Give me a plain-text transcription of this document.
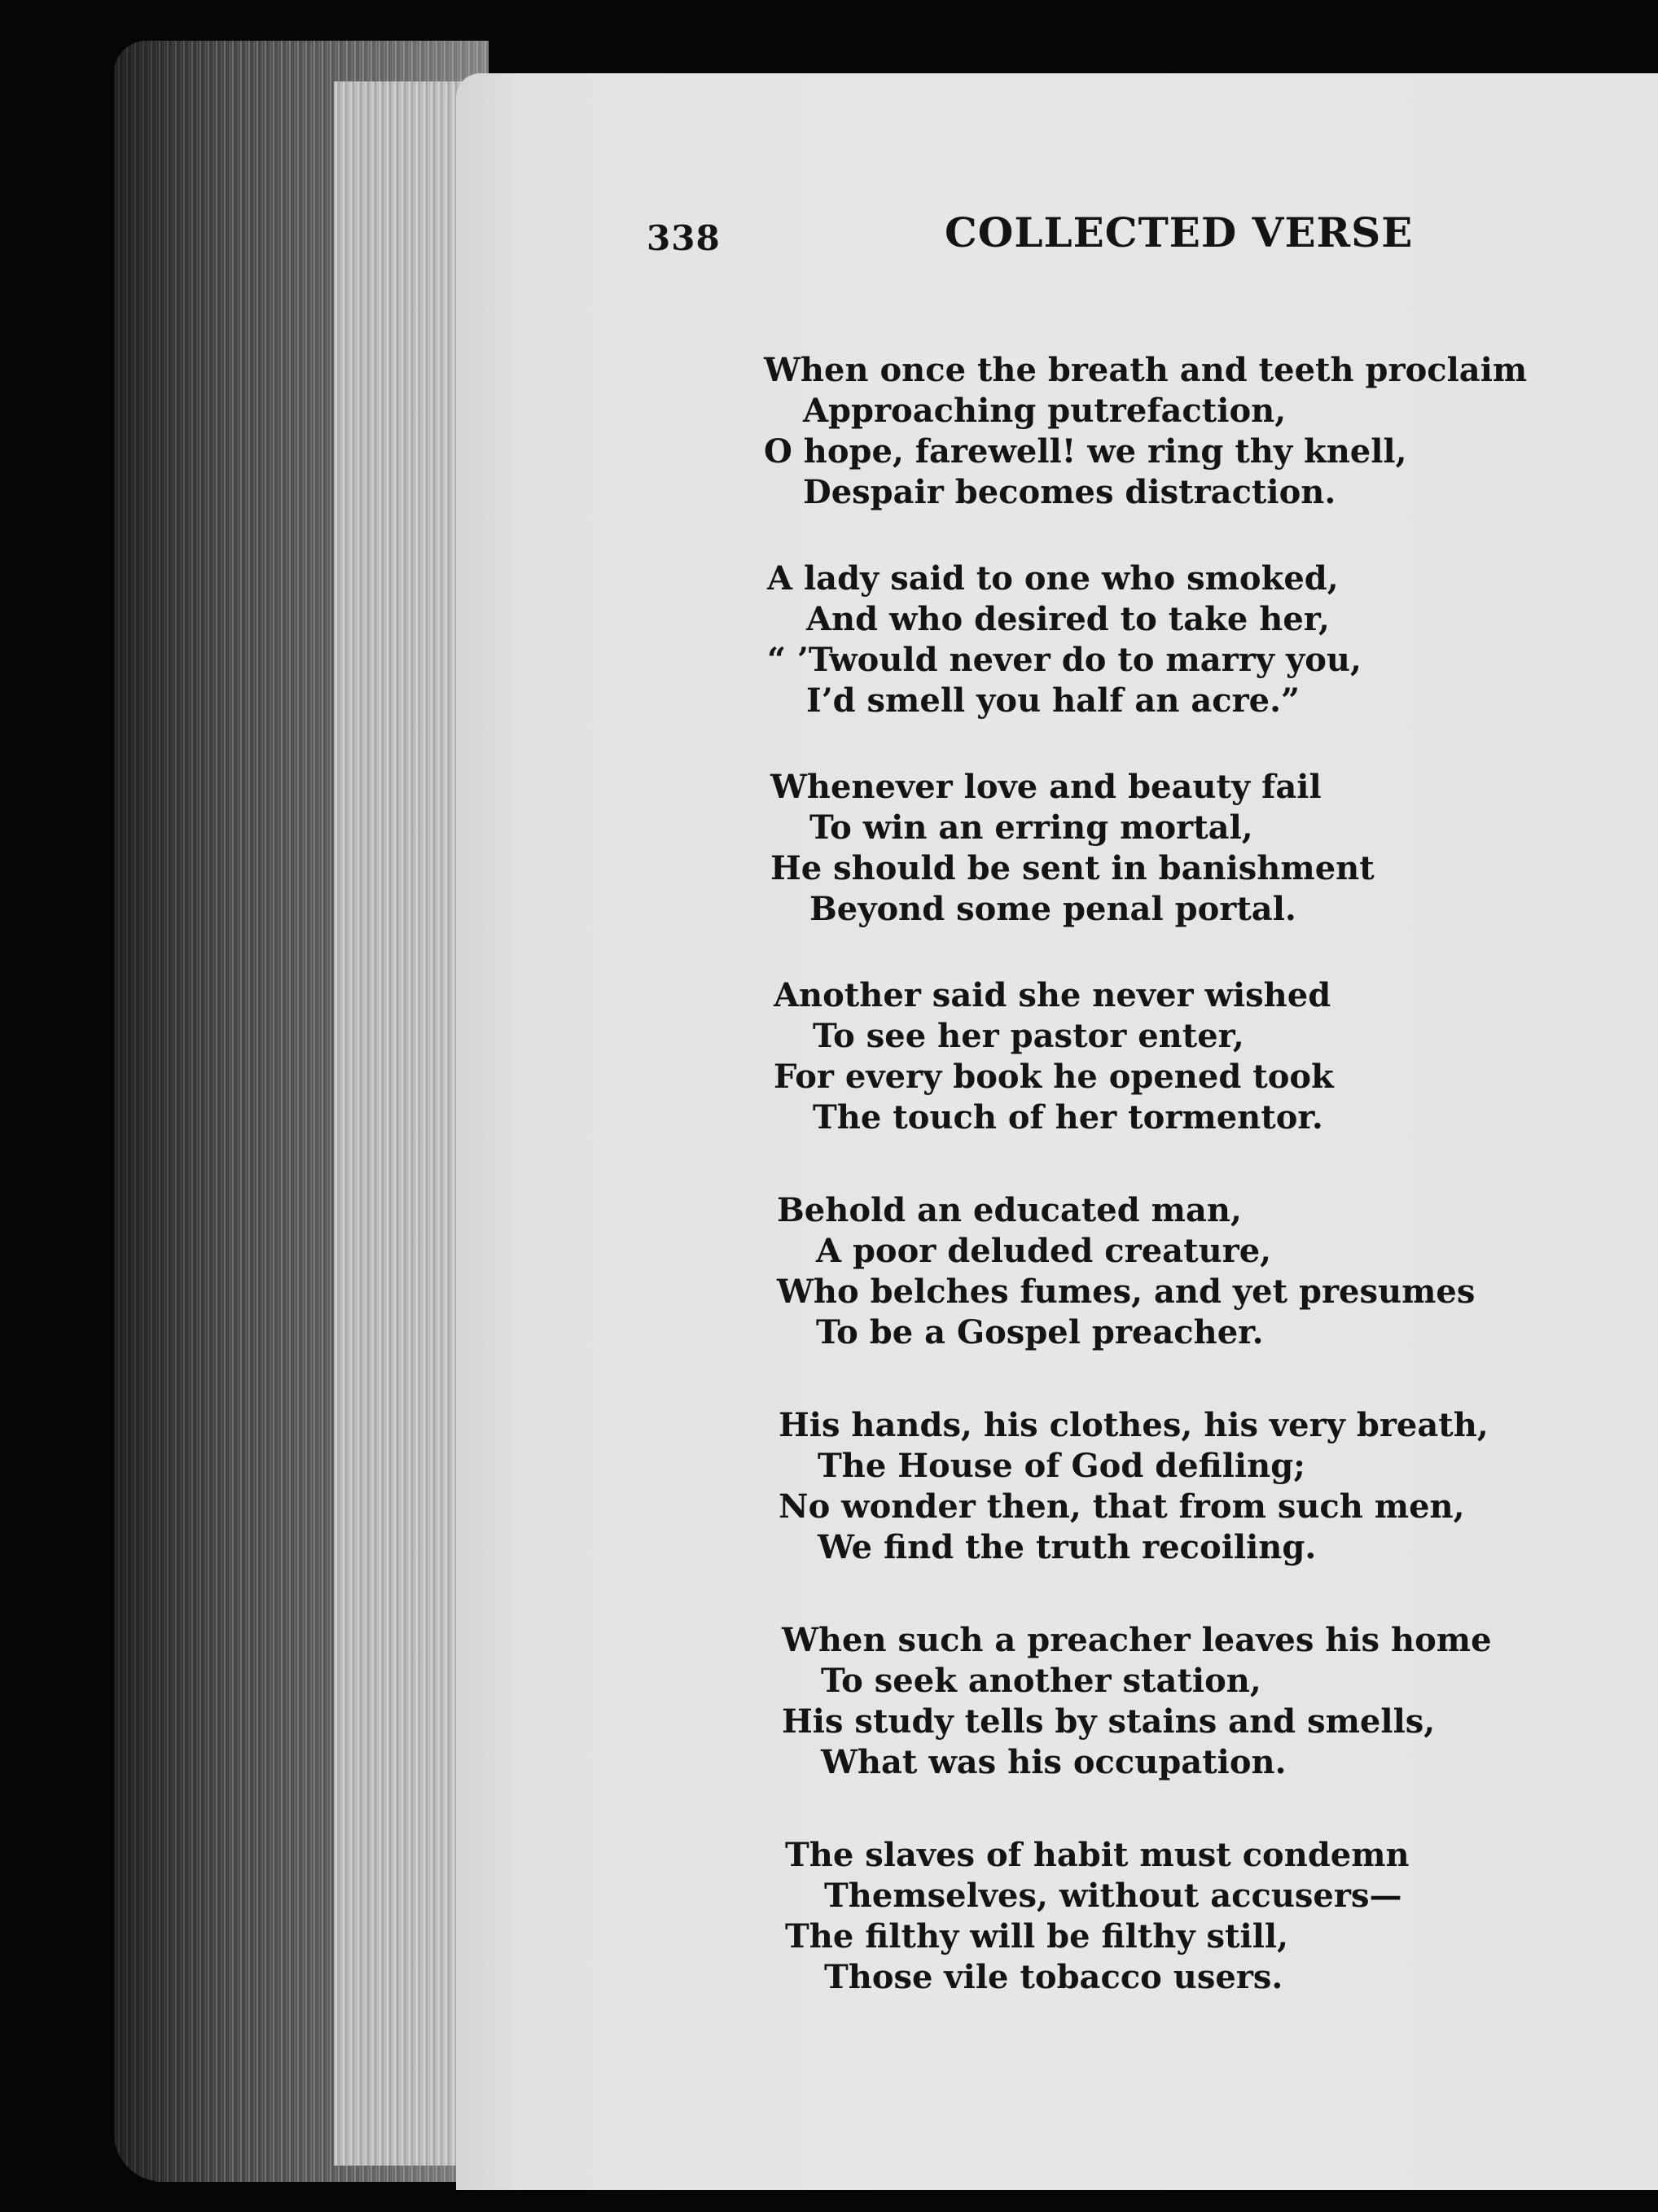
338	COLLECTED VERSE
When once the breath and teeth proclaim
Approaching putrefaction,
O hope, farewell! we ring thy knell,
Despair becomes distraction.
A lady said to one who smoked,
And who desired to take her,
“ ’Twould never do to marry you,
I’d smell you half an acre.”
Whenever love and beauty fail
To win an erring mortal,
He should be sent in banishment
Beyond some penal portal.
Another said she never wished
To see her pastor enter,
For every book he opened took
The touch of her tormentor.
Behold an educated man,
A poor deluded creature,
Who belches fumes, and yet presumes
To be a Gospel preacher.
His hands, his clothes, his very breath,
The House of God defiling;
No wonder then, that from such men,
We find the truth recoiling.
When such a preacher leaves his home
To seek another station,
His study tells by stains and smells,
What was his occupation.
The slaves of habit must condemn
Themselves, without accusers—
The filthy will be filthy still,
Those vile tobacco users.
